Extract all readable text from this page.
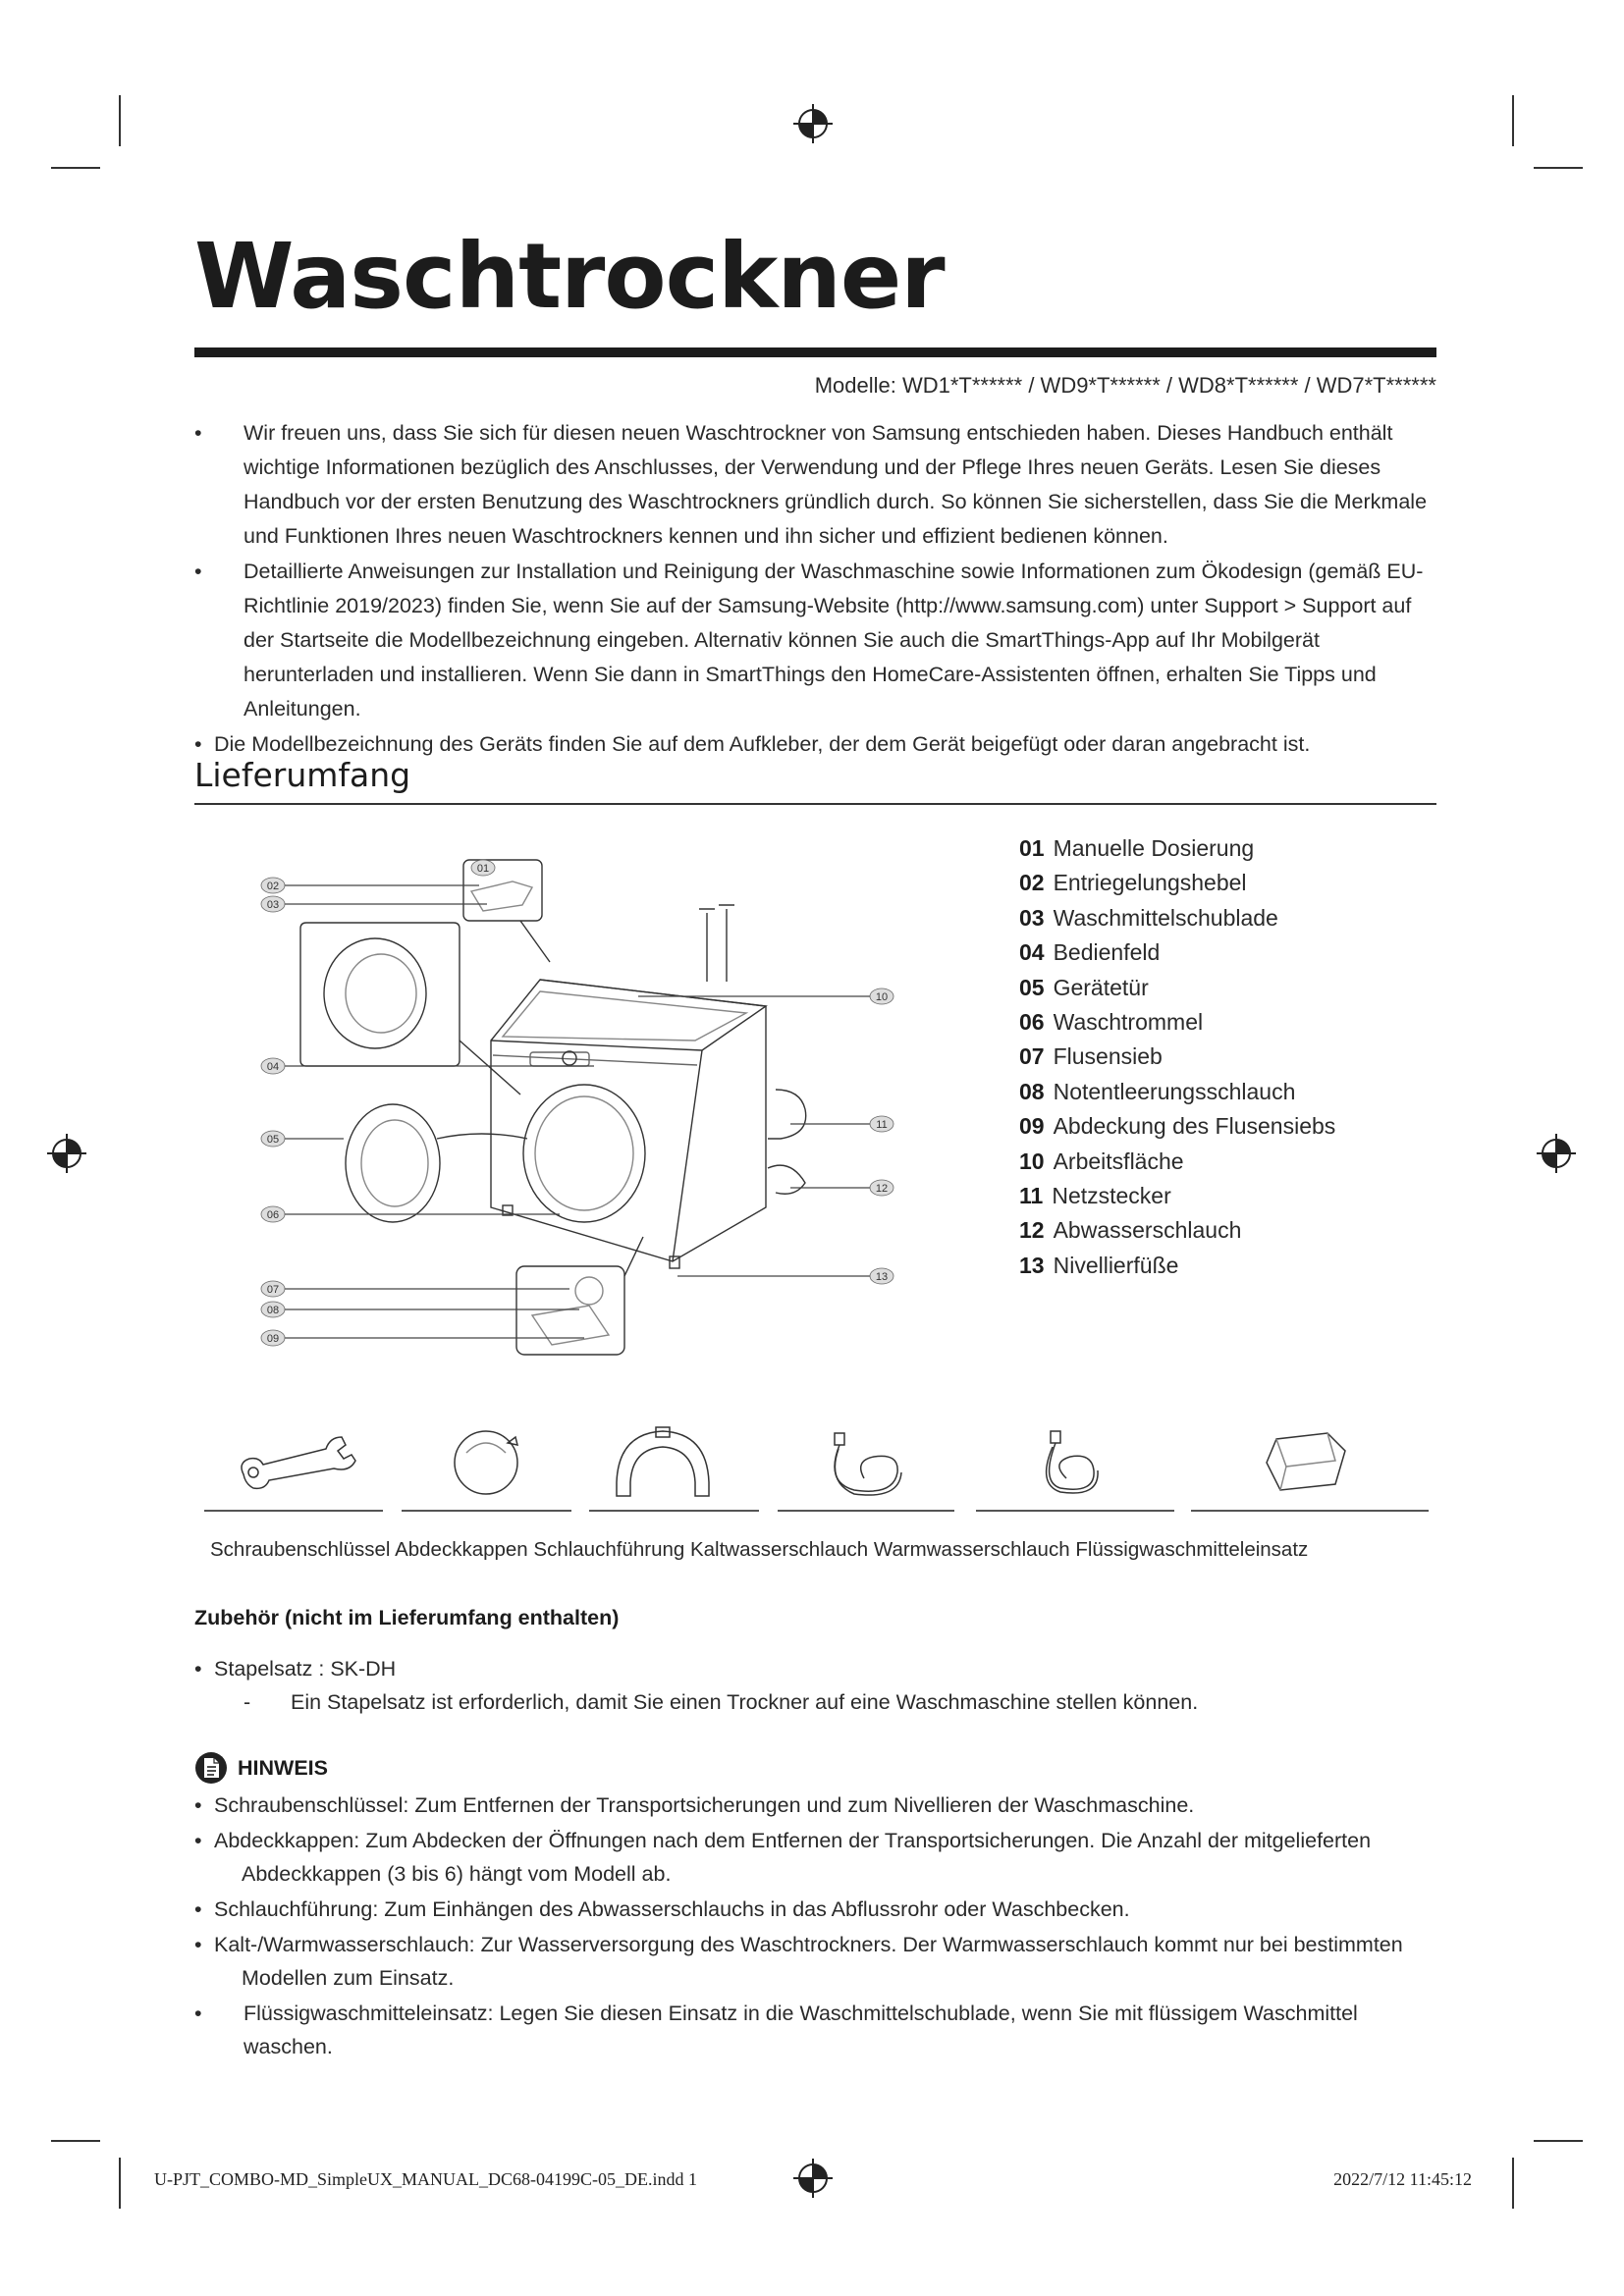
Waschtrockner
Modelle: WD1*T****** / WD9*T****** / WD8*T****** / WD7*T******
• Wir freuen uns, dass Sie sich für diesen neuen Waschtrockner von Samsung entschieden haben. Dieses Handbuch enthält wichtige Informationen bezüglich des Anschlusses, der Verwendung und der Pflege Ihres neuen Geräts. Lesen Sie dieses Handbuch vor der ersten Benutzung des Waschtrockners gründlich durch. So können Sie sicherstellen, dass Sie die Merkmale und Funktionen Ihres neuen Waschtrockners kennen und ihn sicher und effizient bedienen können.
• Detaillierte Anweisungen zur Installation und Reinigung der Waschmaschine sowie Informationen zum Ökodesign (gemäß EU-Richtlinie 2019/2023) finden Sie, wenn Sie auf der Samsung-Website (http://www.samsung.com) unter Support > Support auf der Startseite die Modellbezeichnung eingeben. Alternativ können Sie auch die SmartThings-App auf Ihr Mobilgerät herunterladen und installieren. Wenn Sie dann in SmartThings den HomeCare-Assistenten öffnen, erhalten Sie Tipps und Anleitungen.
• Die Modellbezeichnung des Geräts finden Sie auf dem Aufkleber, der dem Gerät beigefügt oder daran angebracht ist.
Lieferumfang
02
03
04
05
06
07
08
09
01
10
11
12
13
01 Manuelle Dosierung
02 Entriegelungshebel
03 Waschmittelschublade
04 Bedienfeld
05 Gerätetür
06 Waschtrommel
07 Flusensieb
08 Notentleerungsschlauch
09 Abdeckung des Flusensiebs
10 Arbeitsfläche
11 Netzstecker
12 Abwasserschlauch
13 Nivellierfüße
Schraubenschlüssel Abdeckkappen Schlauchführung Kaltwasserschlauch Warmwasserschlauch Flüssigwaschmitteleinsatz
Zubehör (nicht im Lieferumfang enthalten)
• Stapelsatz : SK-DH
- Ein Stapelsatz ist erforderlich, damit Sie einen Trockner auf eine Waschmaschine stellen können.
HINWEIS
• Schraubenschlüssel: Zum Entfernen der Transportsicherungen und zum Nivellieren der Waschmaschine.
• Abdeckkappen: Zum Abdecken der Öffnungen nach dem Entfernen der Transportsicherungen. Die Anzahl der mitgelieferten
Abdeckkappen (3 bis 6) hängt vom Modell ab.
• Schlauchführung: Zum Einhängen des Abwasserschlauchs in das Abflussrohr oder Waschbecken.
• Kalt-/Warmwasserschlauch: Zur Wasserversorgung des Waschtrockners. Der Warmwasserschlauch kommt nur bei bestimmten
Modellen zum Einsatz.
• Flüssigwaschmitteleinsatz: Legen Sie diesen Einsatz in die Waschmittelschublade, wenn Sie mit flüssigem Waschmittel waschen.
U-PJT_COMBO-MD_SimpleUX_MANUAL_DC68-04199C-05_DE.indd 1	2022/7/12 11:45:12
